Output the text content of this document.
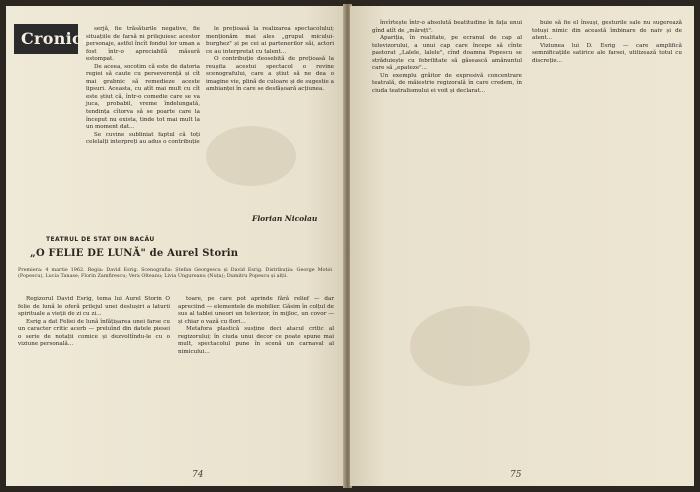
Cronica serjă, fie trăsăturile negative, fie situațiile de farsă ni prilejuiesc acestor personaje, astfel încît fondul lor uman a fost într-o apreciabilă măsură estompat.

De aceea, socotim că este de datoria regiei să caute cu perseverență și cît mai grabnic să remedieze aceste lipsuri. Aceasta, cu atît mai mult cu cît este știut că, într-o comedie care se va juca, probabil, vreme îndelungată, tendința cîtorva să se poarte care la început nu exista, tinde tot mai mult la un moment dat...

Se cuvine subliniat faptul că toți celelalți interpreți au adus o contribuție

le prețioasă la realizarea spectacolului; menționăm mai ales „grupul micului-burghez" și pe cei ai partenerilor săi, actori ce au interpretat cu talent...

O contribuție deosebită de prețioasă la reușita acestui spectacol o revine scenografului, care a știut să ne dea o imagine vie, plină de culoare și de sugestie a ambianței în care se desfășoară acțiunea.

Florian Nicolau
TEATRUL DE STAT DIN BACĂU
„O FELIE DE LUNĂ" de Aurel Storin
Premiera: 4 martie 1962. Regia: David Esrig. Scenografia: Ștefan Georgescu și David Esrig. Distribuția: George Motoi (Popescu), Lucia Tanase; Florin Zamfirescu; Vera Olteanu; Livia Ungureanu (Nuța); Dumitru Popescu și alții.

Regizorul David Esrig, tema lui Aurel Storin O felie de lună le oferă prilejul unei deslușiri a laturii spirituale a vieții de zi cu zi...

Esrig a dat Feliei de lună înfățișarea unei farse cu un caracter critic acerb — preluînd din datele piesei o serie de notații comice și dezvoltîndu-le cu o viziune personală...

toare, pe care pot aprinde fără relief — dar apreciind — elementele de mobilier. Găsim în colțul de sus al tablei uneori un televizor, în mijloc, un covor — și chiar o vază cu flori...

Metafora plastică susține deci atacul critic al regizorului; în ciuda unui decor ce poate spune mai mult, spectacolul pune în scenă un carnaval al nimicului...

74

învîrtește într-o absolută beatitudine în fața unui gînd atît de „mărețt".

Apariția, în realitate, pe ecranul de cap al televizorului, a unui cap care începe să cînte pastorat „Lalele, lalele", cînd doamna Popescu se străduiește cu febrilitate să găsească amănuntul care să „epateze"...

Un exemplu grăitor de expresivă concentrare teatrală, de măiestrie regizorală în care credem, în ciuda teatralismului ei voit și declarat...

buie să fie el însuși, gesturile sale nu sugerează totuși nimic din această îmbinare de naiv și de atent...

Viziunea lui D. Esrig — care amplifică semnificațiile satirice ale farsei, utilizează totul cu discreție...

75
